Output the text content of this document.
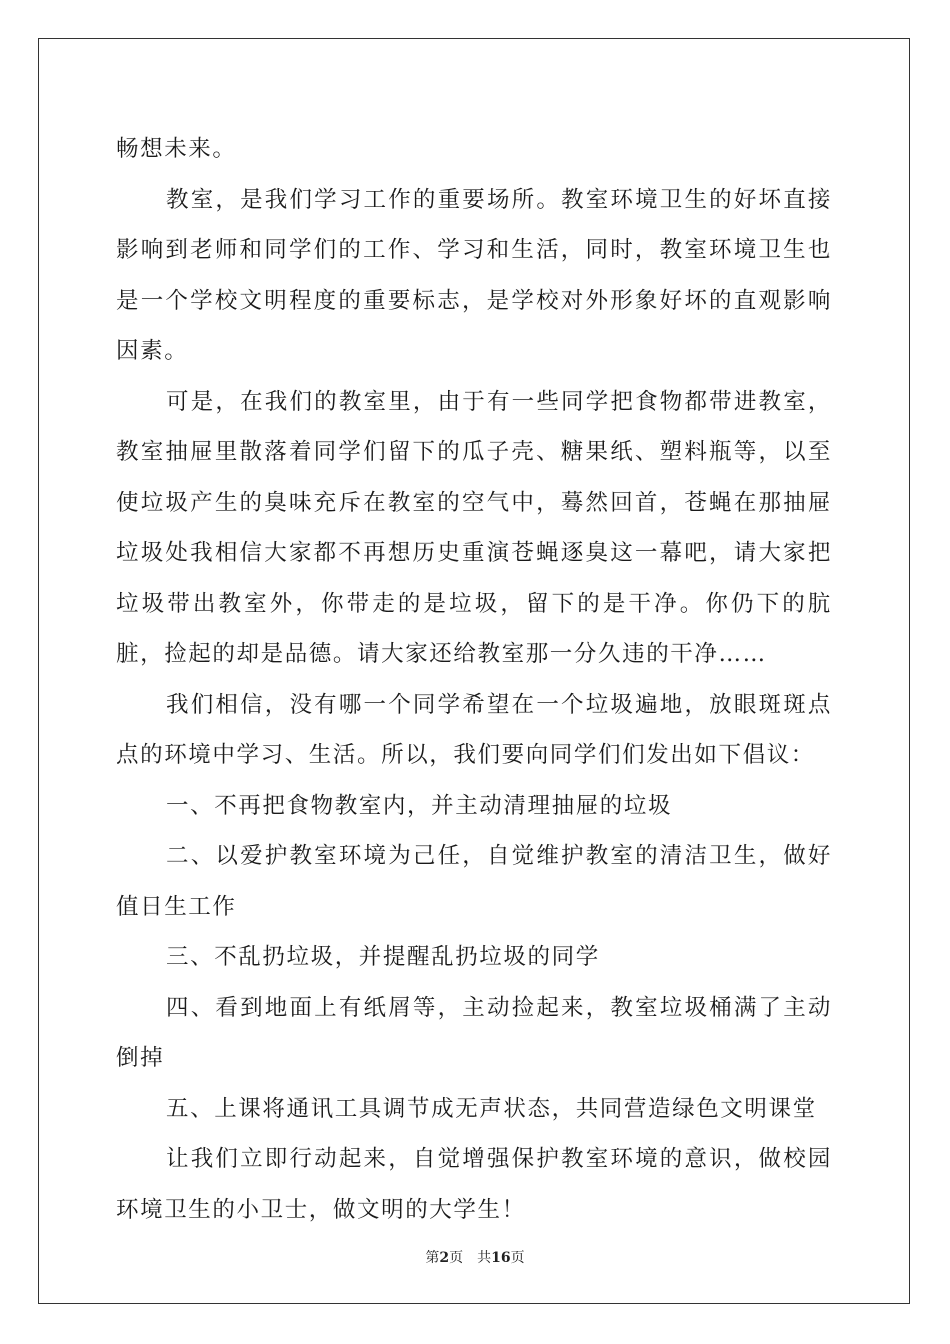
畅想未来。

教室，是我们学习工作的重要场所。教室环境卫生的好坏直接影响到老师和同学们的工作、学习和生活，同时，教室环境卫生也是一个学校文明程度的重要标志，是学校对外形象好坏的直观影响因素。

可是，在我们的教室里，由于有一些同学把食物都带进教室，教室抽屉里散落着同学们留下的瓜子壳、糖果纸、塑料瓶等，以至使垃圾产生的臭味充斥在教室的空气中，蓦然回首，苍蝇在那抽屉垃圾处我相信大家都不再想历史重演苍蝇逐臭这一幕吧，请大家把垃圾带出教室外，你带走的是垃圾，留下的是干净。你仍下的肮脏，捡起的却是品德。请大家还给教室那一分久违的干净……

我们相信，没有哪一个同学希望在一个垃圾遍地，放眼斑斑点点的环境中学习、生活。所以，我们要向同学们们发出如下倡议：

一、不再把食物教室内，并主动清理抽屉的垃圾

二、以爱护教室环境为己任，自觉维护教室的清洁卫生，做好值日生工作

三、不乱扔垃圾，并提醒乱扔垃圾的同学

四、看到地面上有纸屑等，主动捡起来，教室垃圾桶满了主动倒掉

五、上课将通讯工具调节成无声状态，共同营造绿色文明课堂

让我们立即行动起来，自觉增强保护教室环境的意识，做校园环境卫生的小卫士，做文明的大学生！

第2页 共16页
